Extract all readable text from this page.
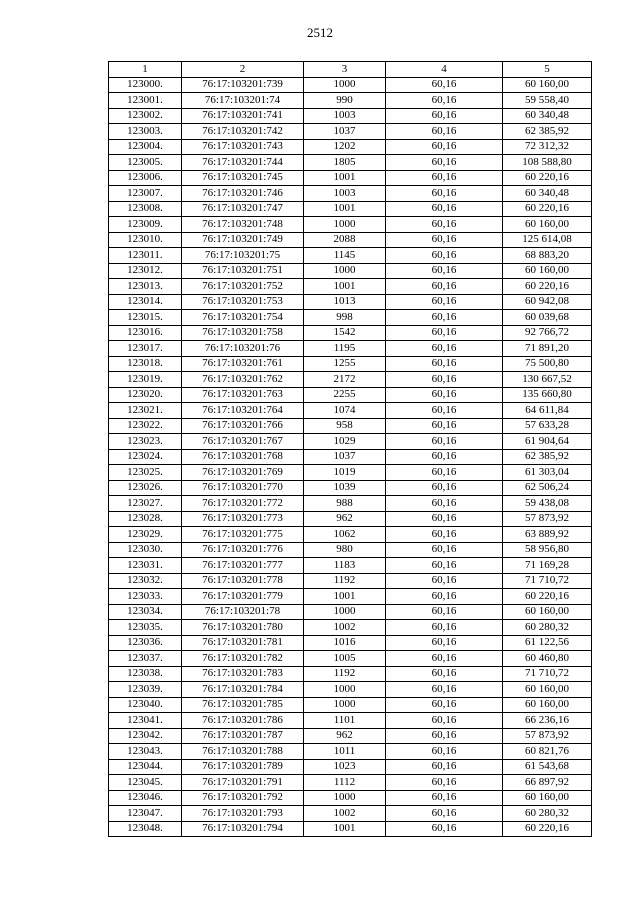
2512
1	2	3	4	5
123000.	76:17:103201:739	1000	60,16	60 160,00
123001.	76:17:103201:74	990	60,16	59 558,40
123002.	76:17:103201:741	1003	60,16	60 340,48
123003.	76:17:103201:742	1037	60,16	62 385,92
123004.	76:17:103201:743	1202	60,16	72 312,32
123005.	76:17:103201:744	1805	60,16	108 588,80
123006.	76:17:103201:745	1001	60,16	60 220,16
123007.	76:17:103201:746	1003	60,16	60 340,48
123008.	76:17:103201:747	1001	60,16	60 220,16
123009.	76:17:103201:748	1000	60,16	60 160,00
123010.	76:17:103201:749	2088	60,16	125 614,08
123011.	76:17:103201:75	1145	60,16	68 883,20
123012.	76:17:103201:751	1000	60,16	60 160,00
123013.	76:17:103201:752	1001	60,16	60 220,16
123014.	76:17:103201:753	1013	60,16	60 942,08
123015.	76:17:103201:754	998	60,16	60 039,68
123016.	76:17:103201:758	1542	60,16	92 766,72
123017.	76:17:103201:76	1195	60,16	71 891,20
123018.	76:17:103201:761	1255	60,16	75 500,80
123019.	76:17:103201:762	2172	60,16	130 667,52
123020.	76:17:103201:763	2255	60,16	135 660,80
123021.	76:17:103201:764	1074	60,16	64 611,84
123022.	76:17:103201:766	958	60,16	57 633,28
123023.	76:17:103201:767	1029	60,16	61 904,64
123024.	76:17:103201:768	1037	60,16	62 385,92
123025.	76:17:103201:769	1019	60,16	61 303,04
123026.	76:17:103201:770	1039	60,16	62 506,24
123027.	76:17:103201:772	988	60,16	59 438,08
123028.	76:17:103201:773	962	60,16	57 873,92
123029.	76:17:103201:775	1062	60,16	63 889,92
123030.	76:17:103201:776	980	60,16	58 956,80
123031.	76:17:103201:777	1183	60,16	71 169,28
123032.	76:17:103201:778	1192	60,16	71 710,72
123033.	76:17:103201:779	1001	60,16	60 220,16
123034.	76:17:103201:78	1000	60,16	60 160,00
123035.	76:17:103201:780	1002	60,16	60 280,32
123036.	76:17:103201:781	1016	60,16	61 122,56
123037.	76:17:103201:782	1005	60,16	60 460,80
123038.	76:17:103201:783	1192	60,16	71 710,72
123039.	76:17:103201:784	1000	60,16	60 160,00
123040.	76:17:103201:785	1000	60,16	60 160,00
123041.	76:17:103201:786	1101	60,16	66 236,16
123042.	76:17:103201:787	962	60,16	57 873,92
123043.	76:17:103201:788	1011	60,16	60 821,76
123044.	76:17:103201:789	1023	60,16	61 543,68
123045.	76:17:103201:791	1112	60,16	66 897,92
123046.	76:17:103201:792	1000	60,16	60 160,00
123047.	76:17:103201:793	1002	60,16	60 280,32
123048.	76:17:103201:794	1001	60,16	60 220,16
